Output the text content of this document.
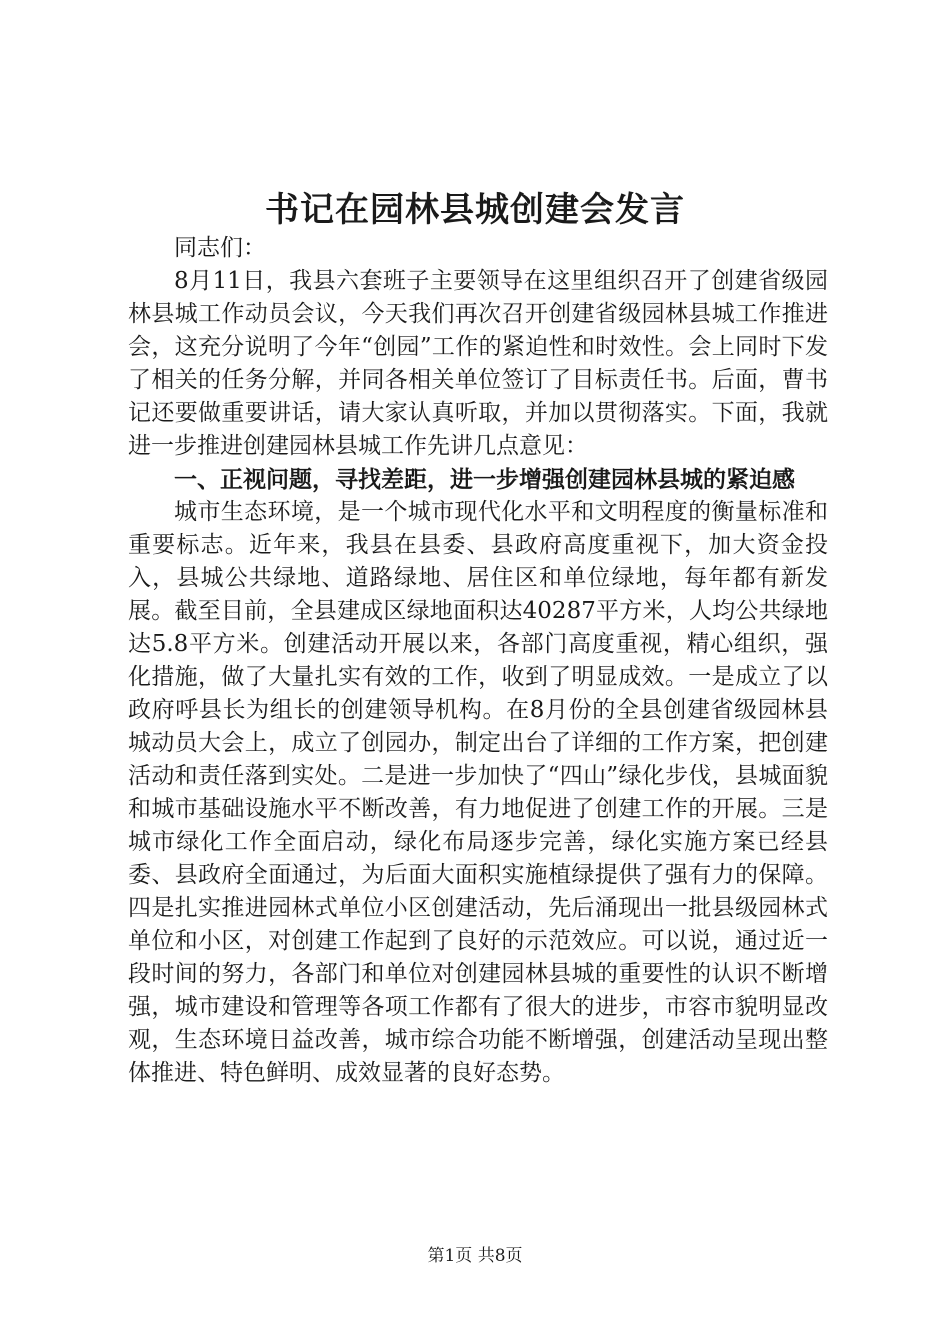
书记在园林县城创建会发言

同志们：

8月11日，我县六套班子主要领导在这里组织召开了创建省级园林县城工作动员会议，今天我们再次召开创建省级园林县城工作推进会，这充分说明了今年“创园”工作的紧迫性和时效性。会上同时下发了相关的任务分解，并同各相关单位签订了目标责任书。后面，曹书记还要做重要讲话，请大家认真听取，并加以贯彻落实。下面，我就进一步推进创建园林县城工作先讲几点意见：

一、正视问题，寻找差距，进一步增强创建园林县城的紧迫感

城市生态环境，是一个城市现代化水平和文明程度的衡量标准和重要标志。近年来，我县在县委、县政府高度重视下，加大资金投入，县城公共绿地、道路绿地、居住区和单位绿地，每年都有新发展。截至目前，全县建成区绿地面积达40287平方米，人均公共绿地达5.8平方米。创建活动开展以来，各部门高度重视，精心组织，强化措施，做了大量扎实有效的工作，收到了明显成效。一是成立了以政府呼县长为组长的创建领导机构。在8月份的全县创建省级园林县城动员大会上，成立了创园办，制定出台了详细的工作方案，把创建活动和责任落到实处。二是进一步加快了“四山”绿化步伐，县城面貌和城市基础设施水平不断改善，有力地促进了创建工作的开展。三是城市绿化工作全面启动，绿化布局逐步完善，绿化实施方案已经县委、县政府全面通过，为后面大面积实施植绿提供了强有力的保障。四是扎实推进园林式单位小区创建活动，先后涌现出一批县级园林式单位和小区，对创建工作起到了良好的示范效应。可以说，通过近一段时间的努力，各部门和单位对创建园林县城的重要性的认识不断增强，城市建设和管理等各项工作都有了很大的进步，市容市貌明显改观，生态环境日益改善，城市综合功能不断增强，创建活动呈现出整体推进、特色鲜明、成效显著的良好态势。

第1页 共8页
